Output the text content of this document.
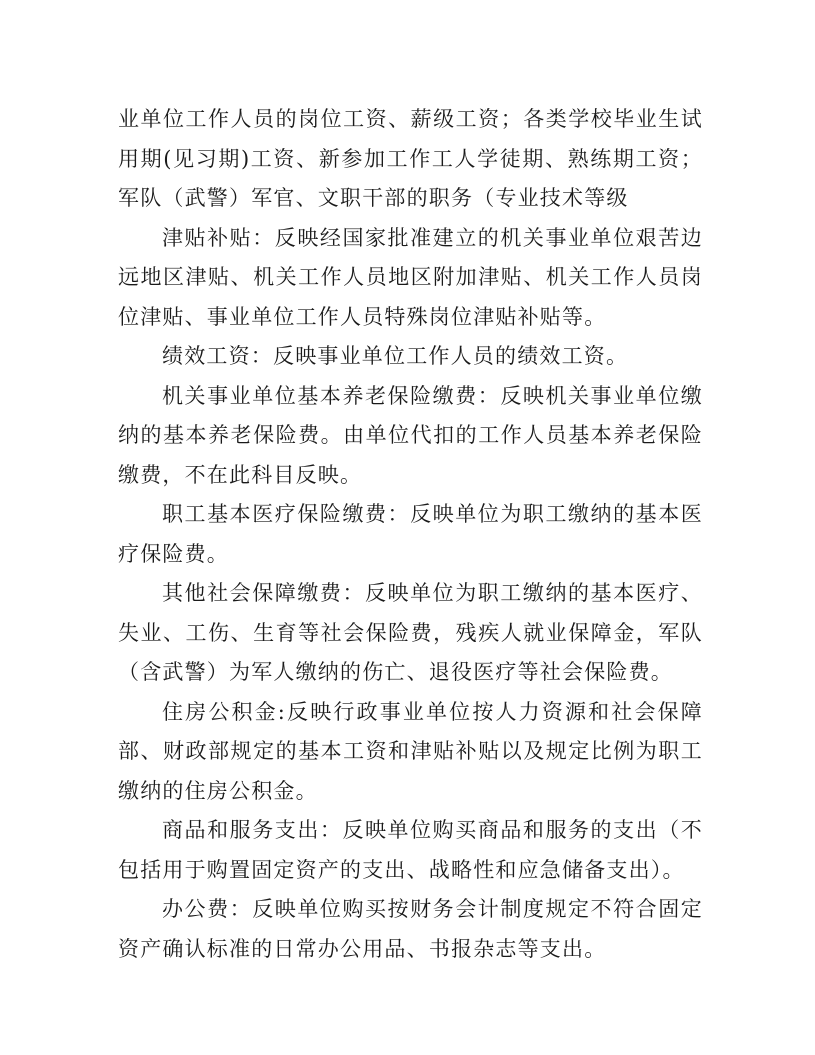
业单位工作人员的岗位工资、薪级工资；各类学校毕业生试用期(见习期)工资、新参加工作工人学徒期、熟练期工资；军队（武警）军官、文职干部的职务（专业技术等级

津贴补贴：反映经国家批准建立的机关事业单位艰苦边远地区津贴、机关工作人员地区附加津贴、机关工作人员岗位津贴、事业单位工作人员特殊岗位津贴补贴等。

绩效工资：反映事业单位工作人员的绩效工资。

机关事业单位基本养老保险缴费：反映机关事业单位缴纳的基本养老保险费。由单位代扣的工作人员基本养老保险缴费，不在此科目反映。

职工基本医疗保险缴费：反映单位为职工缴纳的基本医疗保险费。

其他社会保障缴费：反映单位为职工缴纳的基本医疗、失业、工伤、生育等社会保险费，残疾人就业保障金，军队（含武警）为军人缴纳的伤亡、退役医疗等社会保险费。

住房公积金:反映行政事业单位按人力资源和社会保障部、财政部规定的基本工资和津贴补贴以及规定比例为职工缴纳的住房公积金。

商品和服务支出：反映单位购买商品和服务的支出（不包括用于购置固定资产的支出、战略性和应急储备支出）。

办公费：反映单位购买按财务会计制度规定不符合固定资产确认标准的日常办公用品、书报杂志等支出。
